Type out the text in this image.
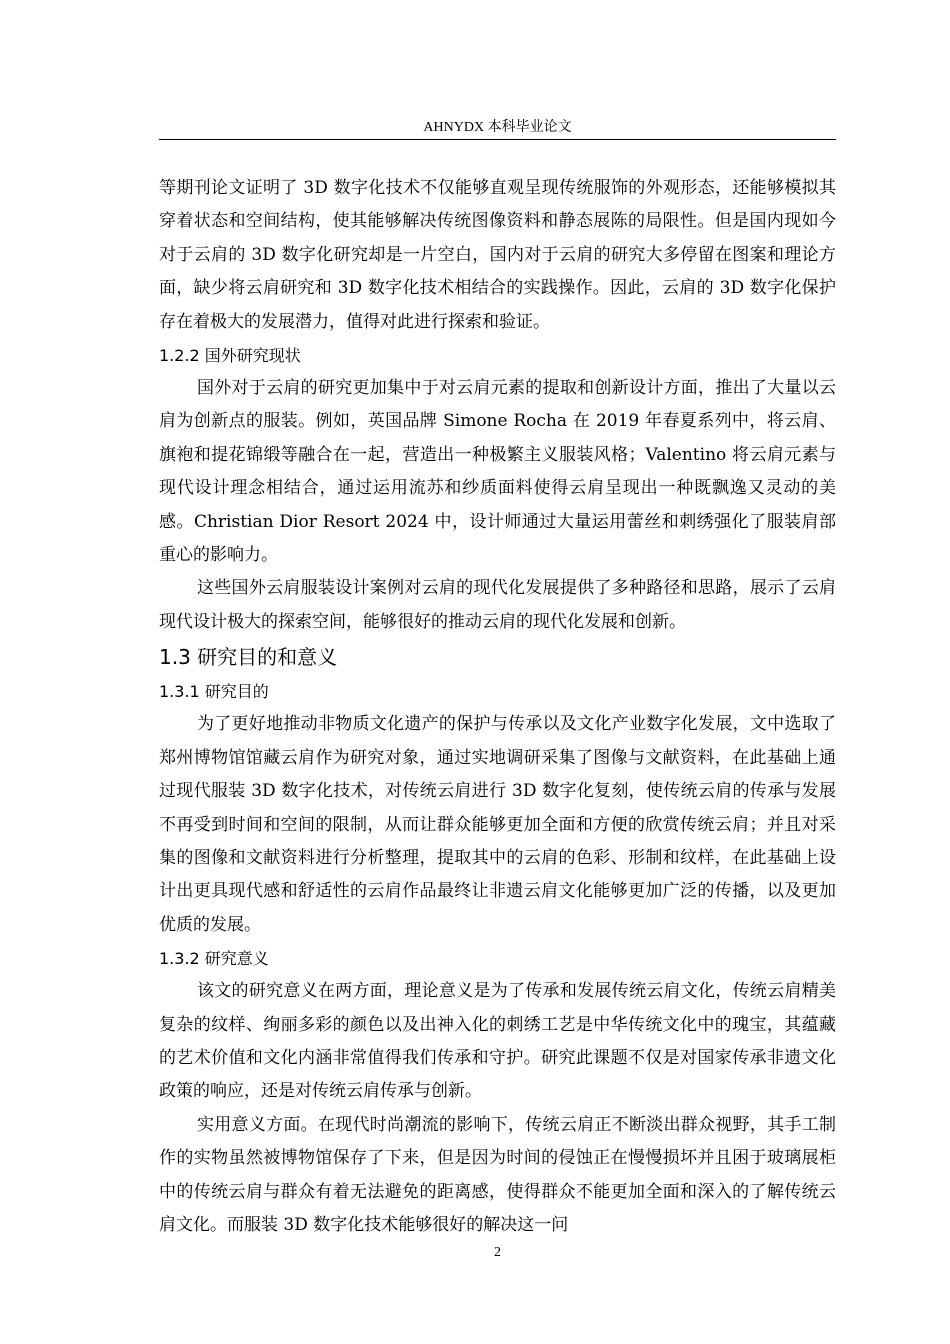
AHNYDX 本科毕业论文

等期刊论文证明了 3D 数字化技术不仅能够直观呈现传统服饰的外观形态，还能够模拟其穿着状态和空间结构，使其能够解决传统图像资料和静态展陈的局限性。但是国内现如今对于云肩的 3D 数字化研究却是一片空白，国内对于云肩的研究大多停留在图案和理论方面，缺少将云肩研究和 3D 数字化技术相结合的实践操作。因此，云肩的 3D 数字化保护存在着极大的发展潜力，值得对此进行探索和验证。

1.2.2 国外研究现状

国外对于云肩的研究更加集中于对云肩元素的提取和创新设计方面，推出了大量以云肩为创新点的服装。例如，英国品牌 Simone Rocha 在 2019 年春夏系列中，将云肩、旗袍和提花锦缎等融合在一起，营造出一种极繁主义服装风格；Valentino 将云肩元素与现代设计理念相结合，通过运用流苏和纱质面料使得云肩呈现出一种既飘逸又灵动的美感。Christian Dior Resort 2024 中，设计师通过大量运用蕾丝和刺绣强化了服装肩部重心的影响力。

这些国外云肩服装设计案例对云肩的现代化发展提供了多种路径和思路，展示了云肩现代设计极大的探索空间，能够很好的推动云肩的现代化发展和创新。

1.3 研究目的和意义
1.3.1 研究目的

为了更好地推动非物质文化遗产的保护与传承以及文化产业数字化发展，文中选取了郑州博物馆馆藏云肩作为研究对象，通过实地调研采集了图像与文献资料，在此基础上通过现代服装 3D 数字化技术，对传统云肩进行 3D 数字化复刻，使传统云肩的传承与发展不再受到时间和空间的限制，从而让群众能够更加全面和方便的欣赏传统云肩；并且对采集的图像和文献资料进行分析整理，提取其中的云肩的色彩、形制和纹样，在此基础上设计出更具现代感和舒适性的云肩作品最终让非遗云肩文化能够更加广泛的传播，以及更加优质的发展。

1.3.2 研究意义

该文的研究意义在两方面，理论意义是为了传承和发展传统云肩文化，传统云肩精美复杂的纹样、绚丽多彩的颜色以及出神入化的刺绣工艺是中华传统文化中的瑰宝，其蕴藏的艺术价值和文化内涵非常值得我们传承和守护。研究此课题不仅是对国家传承非遗文化政策的响应，还是对传统云肩传承与创新。

实用意义方面。在现代时尚潮流的影响下，传统云肩正不断淡出群众视野，其手工制作的实物虽然被博物馆保存了下来，但是因为时间的侵蚀正在慢慢损坏并且困于玻璃展柜中的传统云肩与群众有着无法避免的距离感，使得群众不能更加全面和深入的了解传统云肩文化。而服装 3D 数字化技术能够很好的解决这一问

2
